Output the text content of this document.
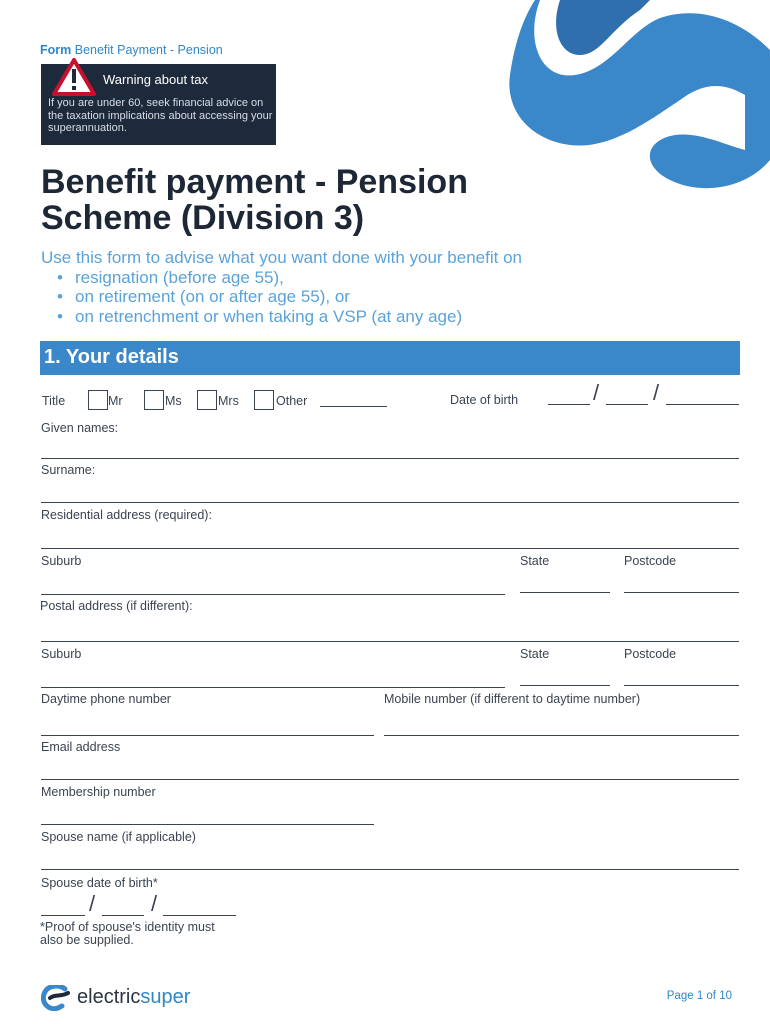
Form Benefit Payment - Pension
Warning about tax
If you are under 60, seek financial advice on the taxation implications about accessing your superannuation.
Benefit payment - Pension
Scheme (Division 3)
Use this form to advise what you want done with your benefit on
• resignation (before age 55),
• on retirement (on or after age 55), or
• on retrenchment or when taking a VSP (at any age)
1. Your details
Title	Mr	Ms	Mrs	Other	Date of birth	/ /
Given names:
Surname:
Residential address (required):
Suburb	State	Postcode
Postal address (if different):
Suburb	State	Postcode
Daytime phone number	Mobile number (if different to daytime number)
Email address
Membership number
Spouse name (if applicable)
Spouse date of birth*
/	/
*Proof of spouse's identity must
also be supplied.
electricsuper	Page 1 of 10
